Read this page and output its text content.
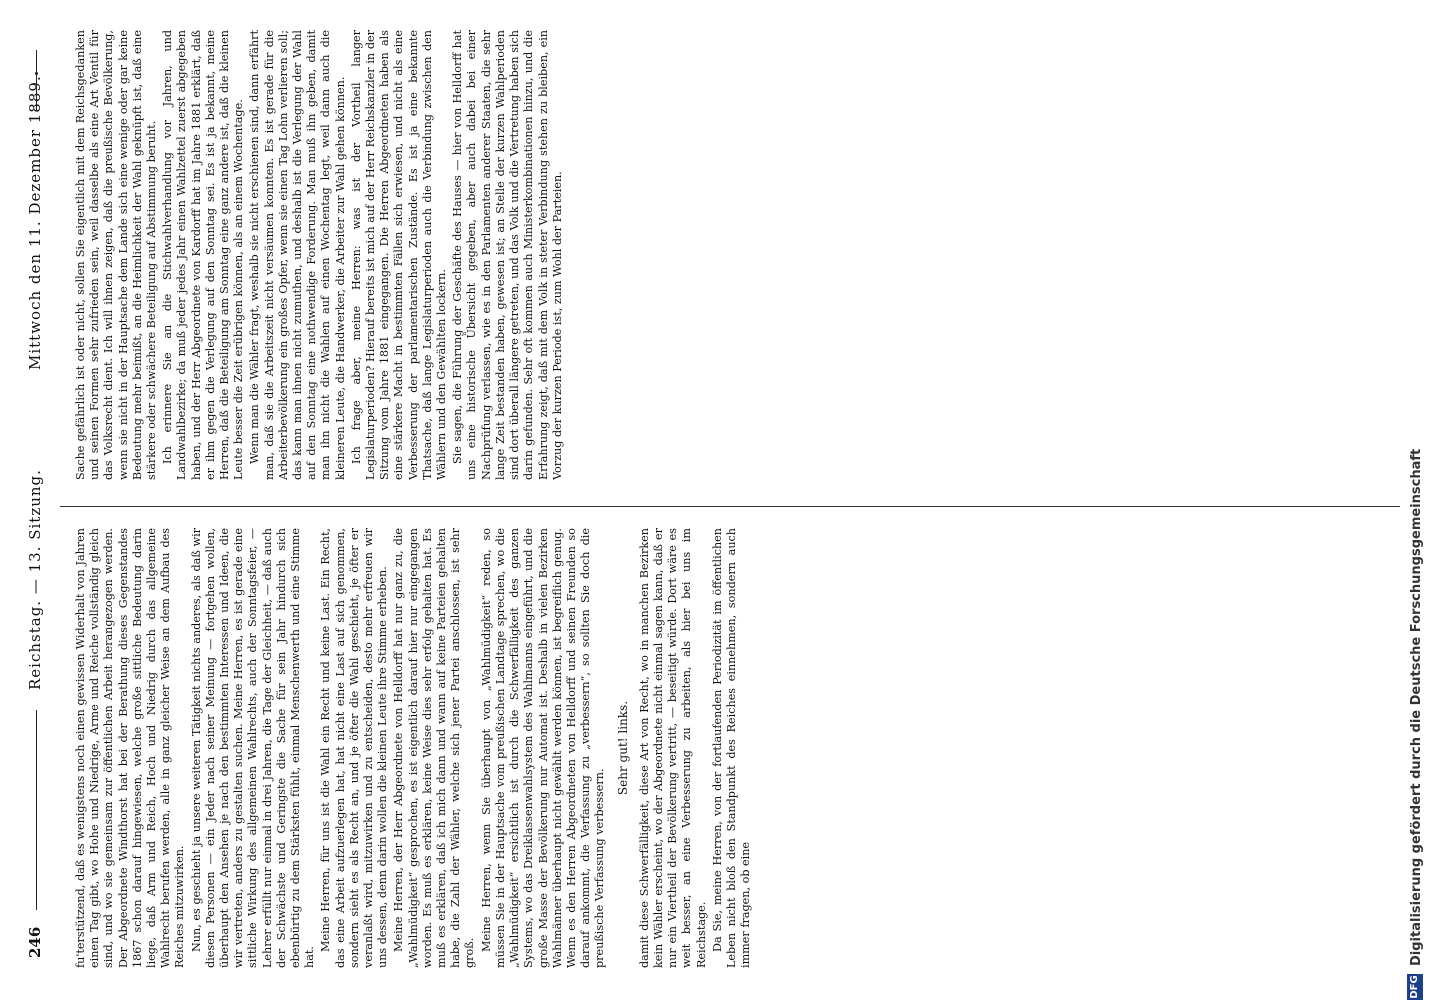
246
Reichstag. — 13. Sitzung.
Mittwoch den 11. Dezember 1889.

fu'terstützend, daß es wenigstens noch einen gewissen Widerhalt von Jahren einen Tag gibt, wo Hohe und Niedrige, Arme und Reiche vollständig gleich sind, und wo sie gemeinsam zur öffentlichen Arbeit herangezogen werden. Der Abgeordnete Windthorst hat bei der Berathung dieses Gegenstandes 1867 schon darauf hingewiesen, welche große sittliche Bedeutung darin liege, daß Arm und Reich, Hoch und Niedrig durch das allgemeine Wahlrecht berufen werden, alle in ganz gleicher Weise an dem Aufbau des Reiches mitzuwirken. Nun, es geschieht ja unsere weiteren Tätigkeit nichts anderes, als daß wir diesen Personen — ein Jeder nach seiner Meinung — fortgehen wollen, überhaupt den Ansehen je nach den bestimmten Interessen und Ideen, die wir vertreten, anders zu gestalten suchen. Meine Herren, es ist gerade eine sittliche Wirkung des allgemeinen Wahlrechts, auch der Sonntagsfeier, — Lehrer erfüllt nur einmal in drei Jahren, die Tage der Gleichheit, — daß auch der Schwächste und Geringste die Sache für sein Jahr hindurch sich ebenbürtig zu dem Stärksten fühlt, einmal Menschenwerth und eine Stimme hat.

Meine Herren, für uns ist die Wahl ein Recht und keine Last. Ein Recht, das eine Arbeit aufzuerlegen hat, hat nicht eine Last auf sich genommen, sondern sieht es als Recht an, und je öfter die Wahl geschieht, je öfter er veranlaßt wird, mitzuwirken und zu entscheiden, desto mehr erfreuen wir uns dessen, denn darin wollen die kleinen Leute ihre Stimme erheben. Meine Herren, der Herr Abgeordnete von Helldorff hat nur ganz zu, die „Wahlmüdigkeit“ gesprochen, es ist eigentlich darauf hier nur eingegangen worden. Es muß es erklären, keine Weise dies sehr erfolg gehalten hat. Es muß es erklären, daß ich mich dann und wann auf keine Parteien gehalten habe, die Zahl der Wähler, welche sich jener Partei anschlossen, ist sehr groß.

Meine Herren, wenn Sie überhaupt von „Wahlmüdigkeit“ reden, so müssen Sie in der Hauptsache vom preußischen Landtage sprechen, wo die „Wahlmüdigkeit“ ersichtlich ist durch die Schwerfälligkeit des ganzen Systems, wo das Dreiklassenwahlsystem des Wahlmanns eingeführt, und die große Masse der Bevölkerung nur Automat ist. Deshalb in vielen Bezirken Wahlmänner überhaupt nicht gewählt werden können, ist begreiflich genug. Wenn es den Herren Abgeordneten von Helldorff und seinen Freunden so darauf ankommt, die Verfassung zu „verbessern“, so sollten Sie doch die preußische Verfassung verbessern.

Sehr gut! links. damit diese Schwerfälligkeit, diese Art von Recht, wo in manchen Bezirken kein Wähler erscheint, wo der Abgeordnete nicht einmal sagen kann, daß er nur ein Viertheil der Bevölkerung vertritt, — beseitigt würde. Dort wäre es weit besser, an eine Verbesserung zu arbeiten, als hier bei uns im Reichstage. Da Sie, meine Herren, von der fortlaufenden Periodizität im öffentlichen Leben nicht bloß den Standpunkt des Reiches einnehmen, sondern auch immer fragen, ob eine

Sache gefährlich ist oder nicht, sollen Sie eigentlich mit dem Reichsgedanken und seinen Formen sehr zufrieden sein, weil dasselbe als eine Art Ventil für das Volksrecht dient. Ich will ihnen zeigen, daß die preußische Bevölkerung, wenn sie nicht in der Hauptsache dem Lande sich eine wenige oder gar keine Bedeutung mehr beimißt, an die Heimlichkeit der Wahl geknüpft ist, daß eine stärkere oder schwächere Beteiligung auf Abstimmung beruht. Ich erinnere Sie an die Stichwahlverhandlung vor Jahren, und Landwahlbezirke; da muß jeder jedes Jahr einen Wahlzettel zuerst abgegeben haben, und der Herr Abgeordnete von Kardorff hat im Jahre 1881 erklärt, daß er ihm gegen die Verlegung auf den Sonntag sei. Es ist ja bekannt, meine Herren, daß die Beteiligung am Sonntag eine ganz andere ist, daß die kleinen Leute besser die Zeit erübrigen können, als an einem Wochentage. Wenn man die Wähler fragt, weshalb sie nicht erschienen sind, dann erfährt man, daß sie die Arbeitszeit nicht versäumen konnten. Es ist gerade für die Arbeiterbevölkerung ein großes Opfer, wenn sie einen Tag Lohn verlieren soll; das kann man ihnen nicht zumuthen, und deshalb ist die Verlegung der Wahl auf den Sonntag eine nothwendige Forderung. Man muß ihn geben, damit man ihn nicht die Wahlen auf einen Wochentag legt, weil dann auch die kleineren Leute, die Handwerker, die Arbeiter zur Wahl gehen können. Ich frage aber, meine Herren: was ist der Vortheil langer Legislaturperioden? Hierauf bereits ist mich auf der Herr Reichskanzler in der Sitzung vom Jahre 1881 eingegangen. Die Herren Abgeordneten haben als eine stärkere Macht in bestimmten Fällen sich erwiesen, und nicht als eine Verbesserung der parlamentarischen Zustände. Es ist ja eine bekannte Thatsache, daß lange Legislaturperioden auch die Verbindung zwischen den Wählern und den Gewählten lockern. Sie sagen, die Führung der Geschäfte des Hauses — hier von Helldorff hat uns eine historische Übersicht gegeben, aber auch dabei bei einer Nachprüfung verlassen, wie es in den Parlamenten anderer Staaten, die sehr lange Zeit bestanden haben, gewesen ist; an Stelle der kurzen Wahlperioden sind dort überall längere getreten, und das Volk und die Vertretung haben sich darin gefunden. Sehr oft kommen auch Ministerkombinationen hinzu, und die Erfahrung zeigt, daß mit dem Volk in steter Verbindung stehen zu bleiben, ein Vorzug der kurzen Periode ist, zum Wohl der Parteien.

DFG
Digitalisierung gefördert durch die Deutsche Forschungsgemeinschaft
